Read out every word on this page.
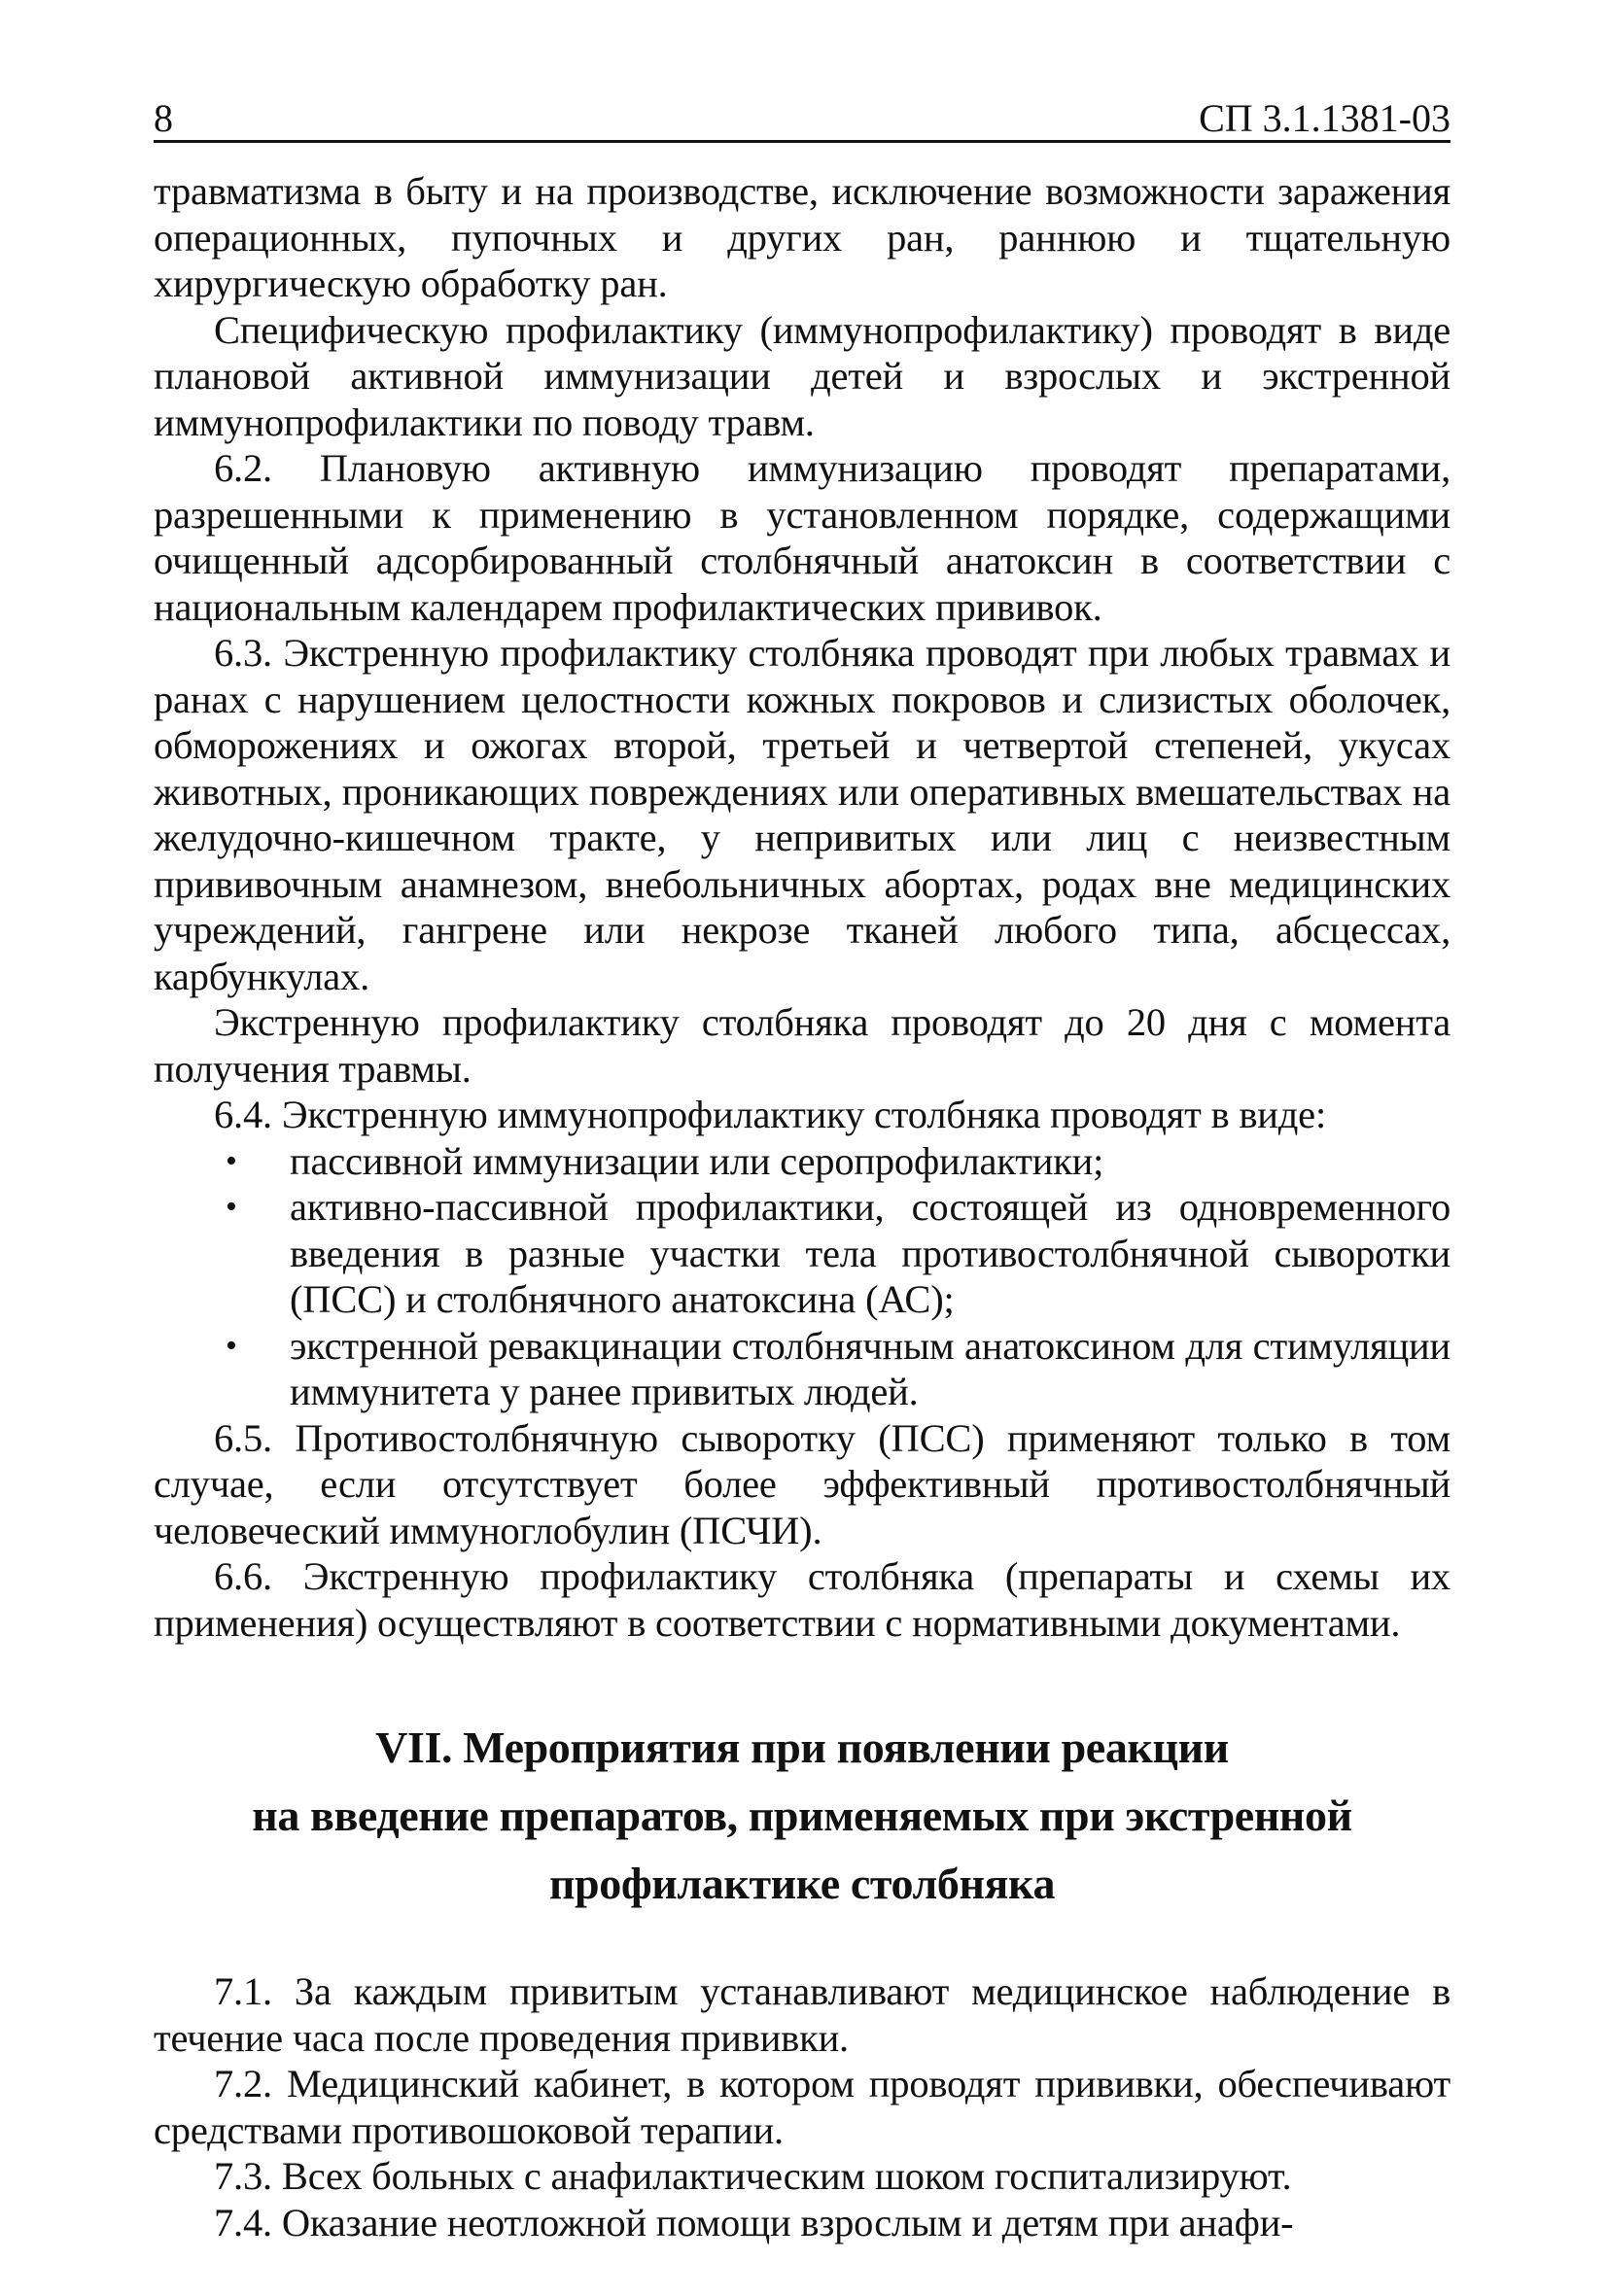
8	СП 3.1.1381-03

травматизма в быту и на производстве, исключение возможности заражения операционных, пупочных и других ран, раннюю и тщательную хирургическую обработку ран.

Специфическую профилактику (иммунопрофилактику) проводят в виде плановой активной иммунизации детей и взрослых и экстренной иммунопрофилактики по поводу травм.

6.2. Плановую активную иммунизацию проводят препаратами, разрешенными к применению в установленном порядке, содержащими очищенный адсорбированный столбнячный анатоксин в соответствии с национальным календарем профилактических прививок.

6.3. Экстренную профилактику столбняка проводят при любых травмах и ранах с нарушением целостности кожных покровов и слизистых оболочек, обморожениях и ожогах второй, третьей и четвертой степеней, укусах животных, проникающих повреждениях или оперативных вмешательствах на желудочно-кишечном тракте, у непривитых или лиц с неизвестным прививочным анамнезом, внебольничных абортах, родах вне медицинских учреждений, гангрене или некрозе тканей любого типа, абсцессах, карбункулах.

Экстренную профилактику столбняка проводят до 20 дня с момента получения травмы.

6.4. Экстренную иммунопрофилактику столбняка проводят в виде:

• пассивной иммунизации или серопрофилактики;
• активно-пассивной профилактики, состоящей из одновременного введения в разные участки тела противостолбнячной сыворотки (ПСС) и столбнячного анатоксина (АС);
• экстренной ревакцинации столбнячным анатоксином для стимуляции иммунитета у ранее привитых людей.

6.5. Противостолбнячную сыворотку (ПСС) применяют только в том случае, если отсутствует более эффективный противостолбнячный человеческий иммуноглобулин (ПСЧИ).

6.6. Экстренную профилактику столбняка (препараты и схемы их применения) осуществляют в соответствии с нормативными документами.

VII. Мероприятия при появлении реакции
на введение препаратов, применяемых при экстренной
профилактике столбняка

7.1. За каждым привитым устанавливают медицинское наблюдение в течение часа после проведения прививки.

7.2. Медицинский кабинет, в котором проводят прививки, обеспечивают средствами противошоковой терапии.

7.3. Всех больных с анафилактическим шоком госпитализируют.

7.4. Оказание неотложной помощи взрослым и детям при анафи-
